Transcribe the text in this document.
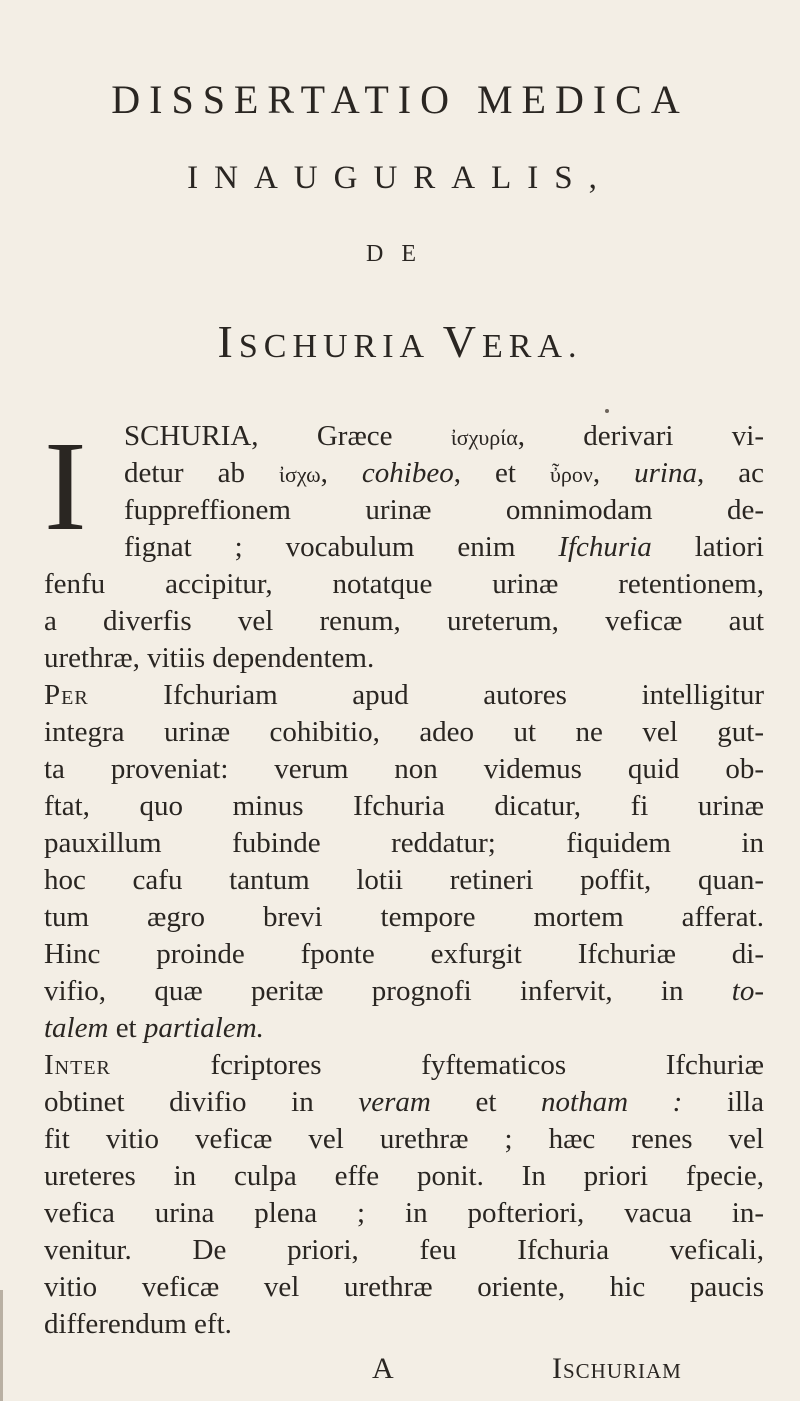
DISSERTATIO MEDICA
INAUGURALIS,
DE
ISCHURIA VERA.
I SCHURIA, Græce ἰσχυρία, derivari vi-
detur ab ἰσχω, cohibeo, et ὖρον, urina, ac
fuppreffionem urinæ omnimodam de-
fignat ; vocabulum enim Ifchuria latiori
fenfu accipitur, notatque urinæ retentionem,
a diverfis vel renum, ureterum, veficæ aut
urethræ, vitiis dependentem.
Per Ifchuriam apud autores intelligitur
integra urinæ cohibitio, adeo ut ne vel gut-
ta proveniat: verum non videmus quid ob-
ftat, quo minus Ifchuria dicatur, fi urinæ
pauxillum fubinde reddatur; fiquidem in
hoc cafu tantum lotii retineri poffit, quan-
tum ægro brevi tempore mortem afferat.
Hinc proinde fponte exfurgit Ifchuriæ di-
vifio, quæ peritæ prognofi infervit, in to-
talem et partialem.
Inter fcriptores fyftematicos Ifchuriæ
obtinet divifio in veram et notham : illa
fit vitio veficæ vel urethræ ; hæc renes vel
ureteres in culpa effe ponit. In priori fpecie,
vefica urina plena ; in pofteriori, vacua in-
venitur. De priori, feu Ifchuria veficali,
vitio veficæ vel urethræ oriente, hic paucis
differendum eft.
A	Ischuriam
